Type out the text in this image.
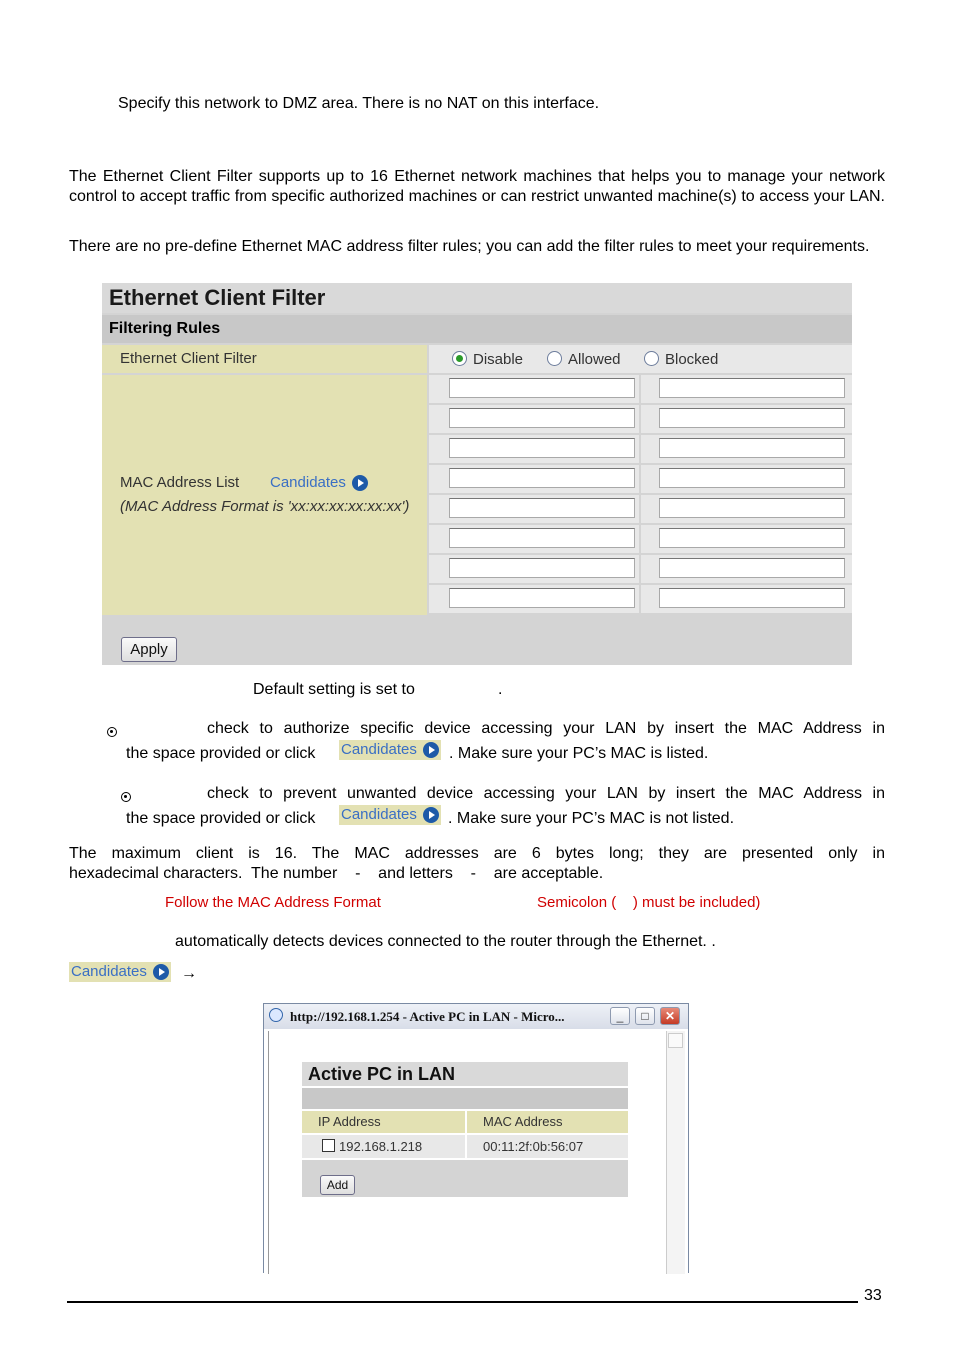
Specify this network to DMZ area. There is no NAT on this interface.
The Ethernet Client Filter supports up to 16 Ethernet network machines that helps you to manage your network control to accept traffic from specific authorized machines or can restrict unwanted machine(s) to access your LAN.
There are no pre-define Ethernet MAC address filter rules; you can add the filter rules to meet your requirements.
Ethernet Client Filter
Filtering Rules
Ethernet Client Filter	Disable	Allowed	Blocked
MAC Address List Candidates
(MAC Address Format is 'xx:xx:xx:xx:xx:xx')
Apply
Default setting is set to	.

check to authorize specific device accessing your LAN by insert the MAC Address in
the space provided or click Candidates . Make sure your PC’s MAC is listed.
check to prevent unwanted device accessing your LAN by insert the MAC Address in
the space provided or click Candidates . Make sure your PC’s MAC is not listed.
The maximum client is 16. The MAC addresses are 6 bytes long; they are presented only in
hexadecimal characters.  The number    -    and letters    -    are acceptable.
Follow the MAC Address Format	Semicolon (    ) must be included)
automatically detects devices connected to the router through the Ethernet. .
Candidates →
http://192.168.1.254 - Active PC in LAN - Micro...	_	□	✕
Active PC in LAN
IP Address	MAC Address
192.168.1.218	00:11:2f:0b:56:07
Add
33
